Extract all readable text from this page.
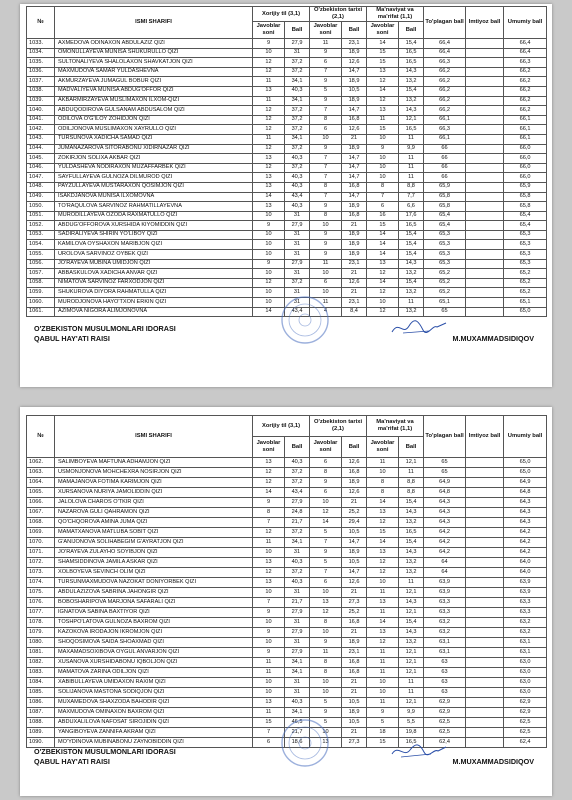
№	ISMI SHARIFI	Xorijiy til (3,1)		O'zbekiston tarixi (2,1)		Ma'naviyat va ma'rifat (1,1)		To'plagan ball	Imtiyoz ball	Umumiy ball
		Javoblar soni	Ball	Javoblar soni	Ball	Javoblar soni	Ball			
1033.	AXMEDOVA ODINAXON ABDULAZIZ QIZI	9	27,9	11	23,1	14	15,4	66,4		66,4
1034.	OMONULLAYEVA MUNISA SHUKURULLO QIZI	10	31	9	18,9	15	16,5	66,4		66,4
1035.	SULTONALIYEVA SHALOLAXON SHAVKATJON QIZI	12	37,2	6	12,6	15	16,5	66,3		66,3
1036.	MAXMUDOVA SAMAR YULDASHEVNA	12	37,2	7	14,7	13	14,3	66,2		66,2
1037.	AKMURZAYEVA JUMAGUL BOBUR QIZI	11	34,1	9	18,9	12	13,2	66,2		66,2
1038.	MADVALIYEVA MUNISA ABDUG'OFFOR QIZI	13	40,3	5	10,5	14	15,4	66,2		66,2
1039.	AKBARMIRZAYEVA MUSLIMAXON ILXOM-QIZI	11	34,1	9	18,9	12	13,2	66,2		66,2
1040.	ABDUQODIROVA GULSANAM ABDUSALOM QIZI	12	37,2	7	14,7	13	14,3	66,2		66,2
1041.	ODILOVA O'G'ILOY ZOHIDJON QIZI	12	37,2	8	16,8	11	12,1	66,1		66,1
1042.	ODILJONOVA MUSLIMAXON XAYRULLO QIZI	12	37,2	6	12,6	15	16,5	66,3		66,1
1043.	TURSUNOVA XADICHA SAMAD QIZI	11	34,1	10	21	10	11	66,1		66,1
1044.	JUMANAZAROVA SITORABONU XIDIRNAZAR QIZI	12	37,2	9	18,9	9	9,9	66		66,0
1045.	ZOKIRJON SOLIXA AKBAR QIZI	13	40,3	7	14,7	10	11	66		66,0
1046.	YULDASHEVA NODIRAXON MUZAFFARBEK QIZI	12	37,2	7	14,7	10	11	66		66,0
1047.	SAYFULLAYEVA GULNOZA DILMUROD QIZI	13	40,3	7	14,7	10	11	66		66,0
1048.	PAYZULLAYEVA MUSTARAXON QOSIMJON QIZI	13	40,3	8	16,8	8	8,8	65,9		65,9
1049.	ISAKDJANOVA MUNISA ILXOMOVNA	14	43,4	7	14,7	7	7,7	65,8		65,8
1050.	TO'RAQULOVA SARVINOZ RAHMATILLAYEVNA	13	40,3	9	18,9	6	6,6	65,8		65,8
1051.	MURODILLAYEVA OZODA RAXMATULLO QIZI	10	31	8	16,8	16	17,6	65,4		65,4
1052.	ABDUG'OFFOROVA XURSHIDA KIYOMIDDIN QIZI	9	27,9	10	21	15	16,5	65,4		65,4
1053.	SADIRALIYEVA SHIRIN YO'LIBOY QIZI	10	31	9	18,9	14	15,4	65,3		65,3
1054.	KAMILOVA OYSHAXON MARIBJON QIZI	10	31	9	18,9	14	15,4	65,3		65,3
1055.	UROLOVA SARVINOZ OYBEK QIZI	10	31	9	18,9	14	15,4	65,3		65,3
1056.	JO'RAYEVA MUBINA UMIDJON QIZI	9	27,9	11	23,1	13	14,3	65,3		65,3
1057.	ABBASKULOVA XADICHA ANVAR QIZI	10	31	10	21	12	13,2	65,2		65,2
1058.	NIMATOVA SARVINOZ FARXODJON QIZI	12	37,2	6	12,6	14	15,4	65,2		65,2
1059.	SHUKUROVA DIYORA RAHMATULLA QIZI	10	31	10	21	12	13,2	65,2		65,2
1060.	MURODJONOVA HAYO'TXON ERKIN QIZI	10	31	11	23,1	10	11	65,1		65,1
1061.	AZIMOVA NIGORA ALIMJONOVNA	14	43,4	4	8,4	12	13,2	65		65,0
O'ZBEKISTON MUSULMONLARI IDORASI
QABUL HAY'ATI RAISI	M.MUXAMMADSIDIQOV
№	ISMI SHARIFI	Xorijiy til (3,1)		O'zbekiston tarixi (2,1)		Ma'naviyat va ma'rifat (1,1)		To'plagan ball	Imtiyoz ball	Umumiy ball
		Javoblar soni	Ball	Javoblar soni	Ball	Javoblar soni	Ball			
1062.	SALIMBOYEVA MAFTUNA ADHAMJON QIZI	13	40,3	6	12,6	11	12,1	65		65,0
1063.	USMONJONOVA MOHCHEXRA NOSIRJON QIZI	12	37,2	8	16,8	10	11	65		65,0
1064.	MAMAJANOVA FOTIMA KARIMJON QIZI	12	37,2	9	18,9	8	8,8	64,9		64,9
1065.	XURSANOVA NURIYA JAMOLIDDIN QIZI	14	43,4	6	12,6	8	8,8	64,8		64,8
1066.	JALOLOVA CHAROS O'TKIR QIZI	9	27,9	10	21	14	15,4	64,3		64,3
1067.	NAZAROVA GULI QAHRAMON QIZI	8	24,8	12	25,2	13	14,3	64,3		64,3
1068.	QO'CHQOROVA AMINA JUMA QIZI	7	21,7	14	29,4	12	13,2	64,3		64,3
1069.	MAMATXANOVA MATLUBA SOBIT QIZI	12	37,2	5	10,5	15	16,5	64,2		64,2
1070.	G'ANIJONOVA SOLIHABEGIM G'AYRATJON QIZI	11	34,1	7	14,7	14	15,4	64,2		64,2
1071.	JO'RAYEVA ZULAYHO SOYIBJON QIZI	10	31	9	18,9	13	14,3	64,2		64,2
1072.	SHAMSIDDINOVA JAMILA ASKAR QIZI	13	40,3	5	10,5	12	13,2	64		64,0
1073.	XOLBOYEVA SEVINCH OLIM QIZI	12	37,2	7	14,7	12	13,2	64		64,0
1074.	TURSUNMAXMUDOVA NAZOKAT DONIYORBEK QIZI	13	40,3	6	12,6	10	11	63,9		63,9
1075.	ABDULAZIZOVA SABRINA JAHONGIR QIZI	10	31	10	21	11	12,1	63,9		63,9
1076.	BOBOSHARIPOVA MARJONA SAFARALI QIZI	7	21,7	13	27,3	13	14,3	63,3		63,3
1077.	IGNATOVA SABINA BAXTIYOR QIZI	9	27,9	12	25,2	11	12,1	63,3		63,3
1078.	TOSHPO'LATOVA GULNOZA BAXROM QIZI	10	31	8	16,8	14	15,4	63,2		63,2
1079.	KAZOKOVA IRODAJON IKROMJON QIZI	9	27,9	10	21	13	14,3	63,2		63,2
1080.	SHOQOSIMOVA SAIDA SHOAXMAD QIZI	10	31	9	18,9	12	13,2	63,1		63,1
1081.	MAXAMADSOXIBOVA OYGUL ANVARJON QIZI	9	27,9	11	23,1	11	12,1	63,1		63,1
1082.	XUSANOVA XURSHIDABONU IQBOLJON QIZI	11	34,1	8	16,8	11	12,1	63		63,0
1083.	MAMATOVA ZARINA ODILJON QIZI	11	34,1	8	16,8	11	12,1	63		63,0
1084.	XABIBULLAYEVA UMIDAXON RAXIM QIZI	10	31	10	21	10	11	63		63,0
1085.	SOLIJANOVA MASTONA SODIQJON QIZI	10	31	10	21	10	11	63		63,0
1086.	MUXAMEDOVA SHAXZODA BAHODIR QIZI	13	40,3	5	10,5	11	12,1	62,9		62,9
1087.	MAXMUDOVA OMINAXON BAXROM QIZI	11	34,1	9	18,9	9	9,9	62,9		62,9
1088.	ABDUXALILOVA NAFOSAT SIROJIDIN QIZI	15	46,5	5	10,5	5	5,5	62,5		62,5
1089.	YANGIBOYEVA ZANNIFA AKRAM QIZI	7	21,7	10	21	18	19,8	62,5		62,5
1090.	MO'YDINOVA MUBINABONU ZAYNOBIDDIN QIZI	6	18,6	13	27,3	15	16,5	62,4		62,4
O'ZBEKISTON MUSULMONLARI IDORASI
QABUL HAY'ATI RAISI	M.MUXAMMADSIDIQOV
